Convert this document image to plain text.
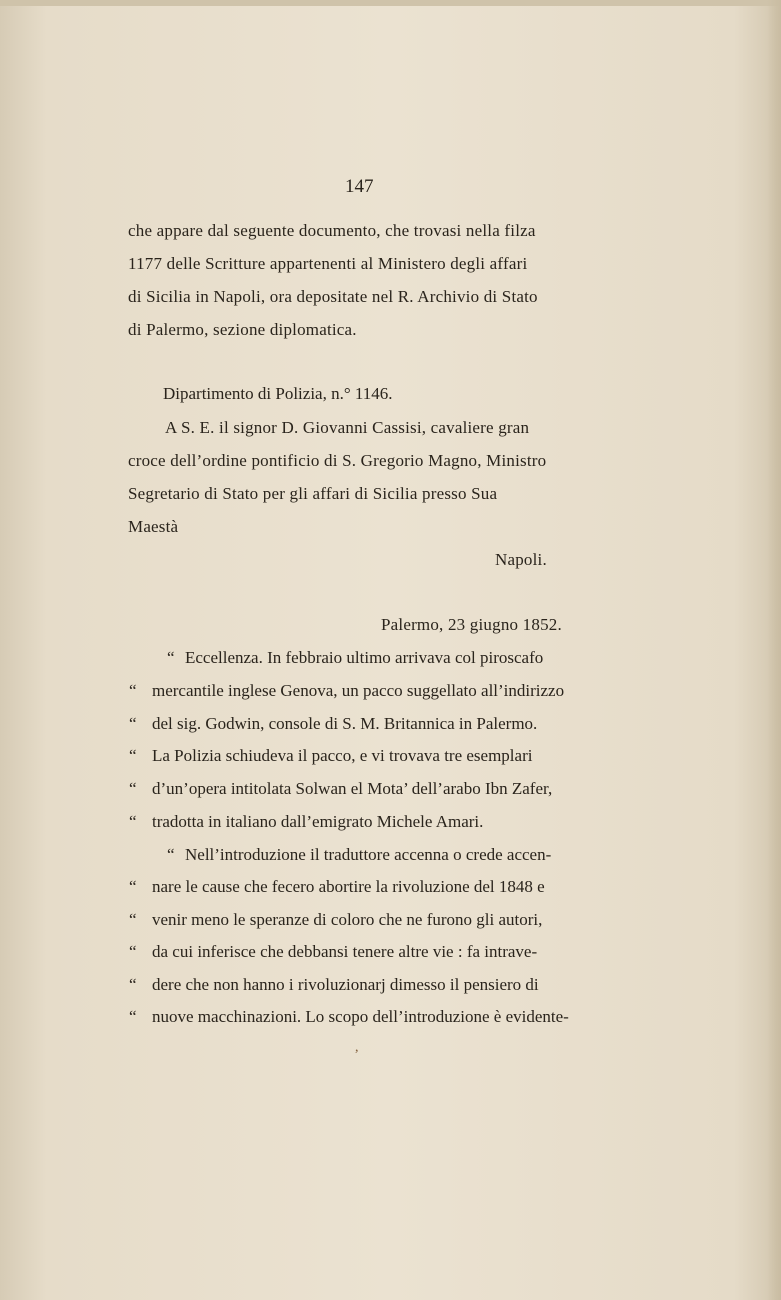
147
che appare dal seguente documento, che trovasi nella filza
1177 delle Scritture appartenenti al Ministero degli affari
di Sicilia in Napoli, ora depositate nel R. Archivio di Stato
di Palermo, sezione diplomatica.
Dipartimento di Polizia, n.° 1146.
A S. E. il signor D. Giovanni Cassisi, cavaliere gran
croce dell’ordine pontificio di S. Gregorio Magno, Ministro
Segretario di Stato per gli affari di Sicilia presso Sua
Maestà
Napoli.
Palermo, 23 giugno 1852.
“ Eccellenza. In febbraio ultimo arrivava col piroscafo
“ mercantile inglese Genova, un pacco suggellato all’indirizzo
“ del sig. Godwin, console di S. M. Britannica in Palermo.
“ La Polizia schiudeva il pacco, e vi trovava tre esemplari
“ d’un’opera intitolata Solwan el Mota’ dell’arabo Ibn Zafer,
“ tradotta in italiano dall’emigrato Michele Amari.
“ Nell’introduzione il traduttore accenna o crede accen-
“ nare le cause che fecero abortire la rivoluzione del 1848 e
“ venir meno le speranze di coloro che ne furono gli autori,
“ da cui inferisce che debbansi tenere altre vie : fa intrave-
“ dere che non hanno i rivoluzionarj dimesso il pensiero di
“ nuove macchinazioni. Lo scopo dell’introduzione è evidente-
,
